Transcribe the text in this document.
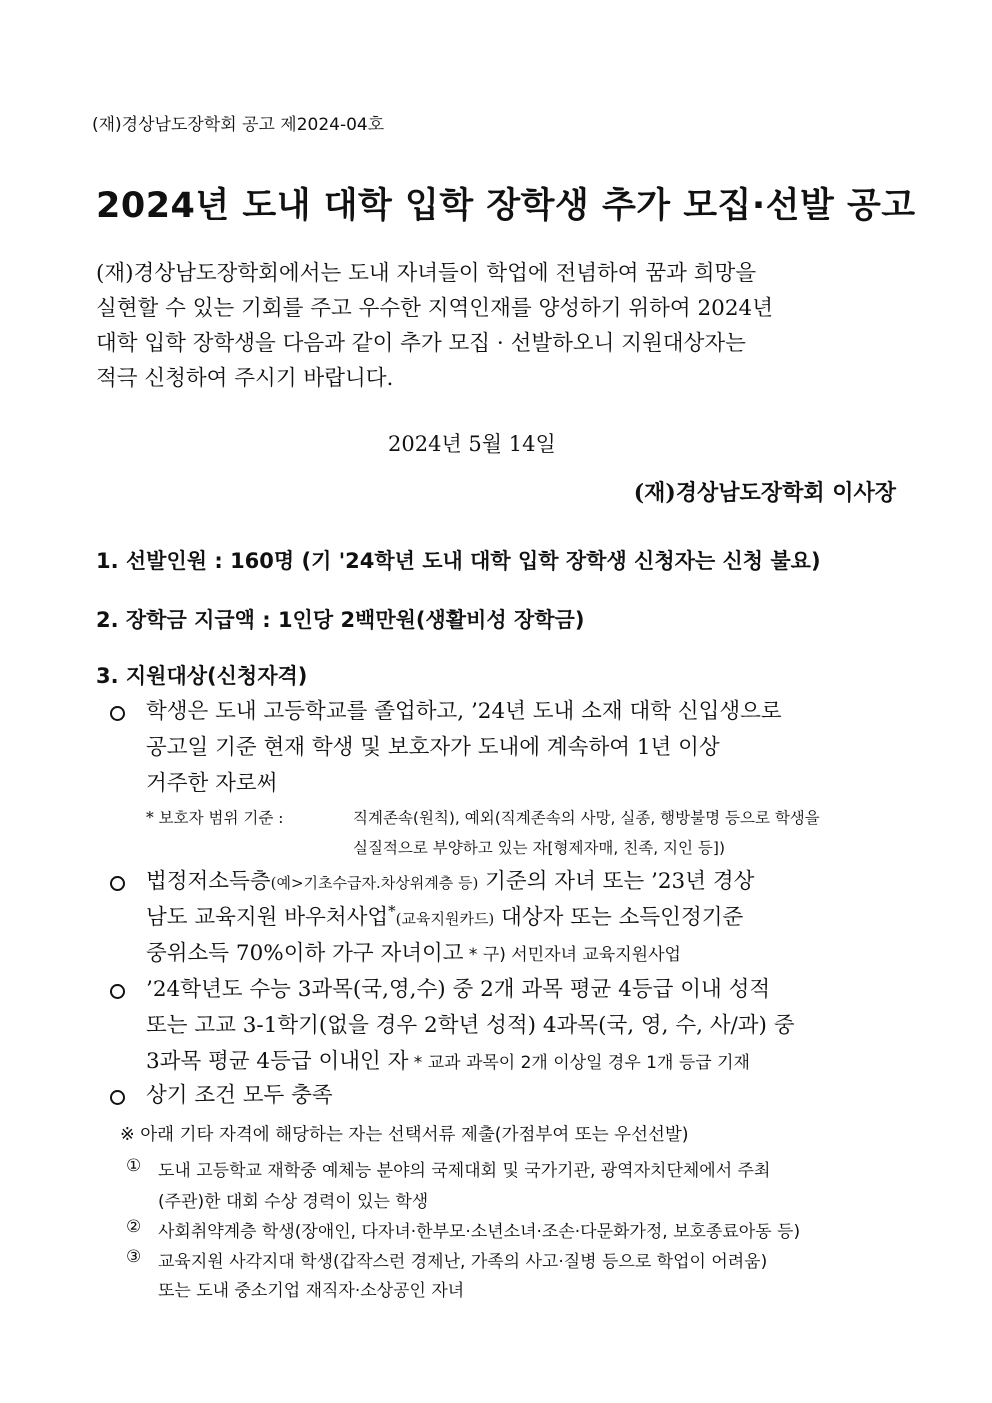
(재)경상남도장학회 공고 제2024-04호
2024년 도내 대학 입학 장학생 추가 모집·선발 공고
(재)경상남도장학회에서는 도내 자녀들이 학업에 전념하여 꿈과 희망을
실현할 수 있는 기회를 주고 우수한 지역인재를 양성하기 위하여 2024년
대학 입학 장학생을 다음과 같이 추가 모집 · 선발하오니 지원대상자는
적극 신청하여 주시기 바랍니다.
2024년 5월 14일
(재)경상남도장학회 이사장
1. 선발인원 : 160명 (기 '24학년 도내 대학 입학 장학생 신청자는 신청 불요)
2. 장학금 지급액 : 1인당 2백만원(생활비성 장학금)
3. 지원대상(신청자격)
학생은 도내 고등학교를 졸업하고, ’24년 도내 소재 대학 신입생으로
공고일 기준 현재 학생 및 보호자가 도내에 계속하여 1년 이상
거주한 자로써
* 보호자 범위 기준 :	직계존속(원칙), 예외(직계존속의 사망, 실종, 행방불명 등으로 학생을
실질적으로 부양하고 있는 자[형제자매, 친족, 지인 등])
법정저소득층(예>기초수급자.차상위계층 등) 기준의 자녀 또는 ’23년 경상
남도 교육지원 바우처사업*(교육지원카드) 대상자 또는 소득인정기준
중위소득 70%이하 가구 자녀이고 * 구) 서민자녀 교육지원사업
’24학년도 수능 3과목(국,영,수) 중 2개 과목 평균 4등급 이내 성적
또는 고교 3-1학기(없을 경우 2학년 성적) 4과목(국, 영, 수, 사/과) 중
3과목 평균 4등급 이내인 자 * 교과 과목이 2개 이상일 경우 1개 등급 기재
상기 조건 모두 충족
※ 아래 기타 자격에 해당하는 자는 선택서류 제출(가점부여 또는 우선선발)
① 도내 고등학교 재학중 예체능 분야의 국제대회 및 국가기관, 광역자치단체에서 주최
(주관)한 대회 수상 경력이 있는 학생
② 사회취약계층 학생(장애인, 다자녀·한부모·소년소녀·조손·다문화가정, 보호종료아동 등)
③ 교육지원 사각지대 학생(갑작스런 경제난, 가족의 사고·질병 등으로 학업이 어려움)
또는 도내 중소기업 재직자·소상공인 자녀
